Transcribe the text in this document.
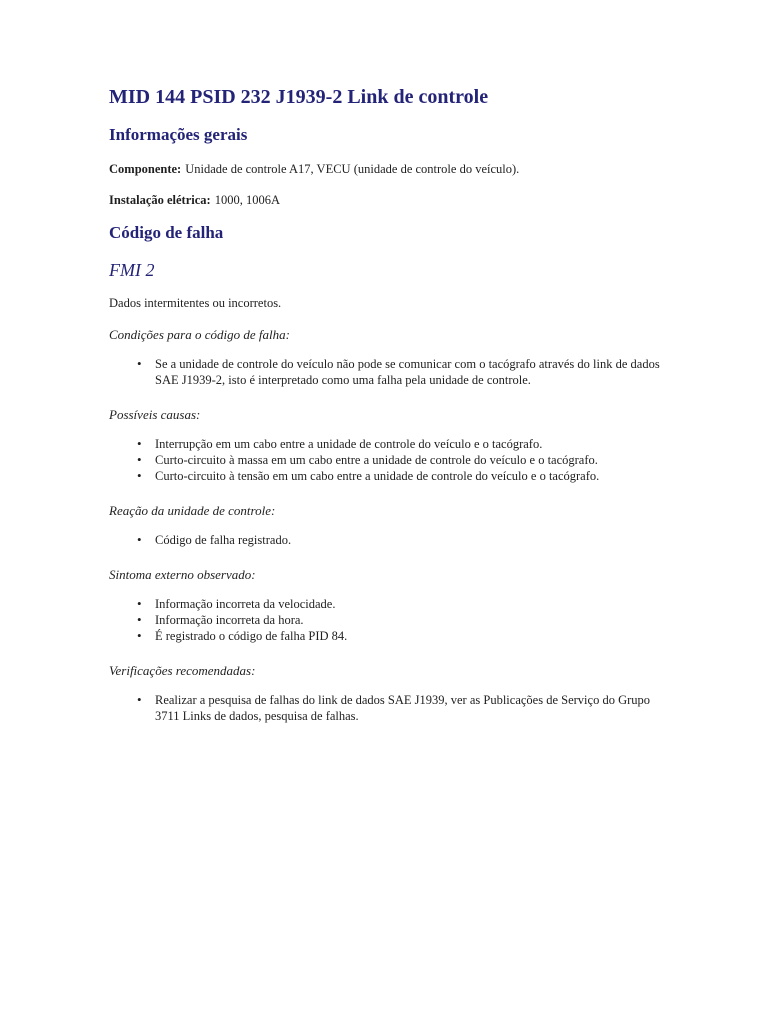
MID 144 PSID 232 J1939-2 Link de controle
Informações gerais

Componente: Unidade de controle A17, VECU (unidade de controle do veículo).

Instalação elétrica: 1000, 1006A

Código de falha
FMI 2

Dados intermitentes ou incorretos.

Condições para o código de falha:

• Se a unidade de controle do veículo não pode se comunicar com o tacógrafo através do link de dados SAE J1939-2, isto é interpretado como uma falha pela unidade de controle.

Possíveis causas:

• Interrupção em um cabo entre a unidade de controle do veículo e o tacógrafo.
• Curto-circuito à massa em um cabo entre a unidade de controle do veículo e o tacógrafo.
• Curto-circuito à tensão em um cabo entre a unidade de controle do veículo e o tacógrafo.

Reação da unidade de controle:

• Código de falha registrado.

Sintoma externo observado:

• Informação incorreta da velocidade.
• Informação incorreta da hora.
• É registrado o código de falha PID 84.

Verificações recomendadas:

• Realizar a pesquisa de falhas do link de dados SAE J1939, ver as Publicações de Serviço do Grupo 3711 Links de dados, pesquisa de falhas.
